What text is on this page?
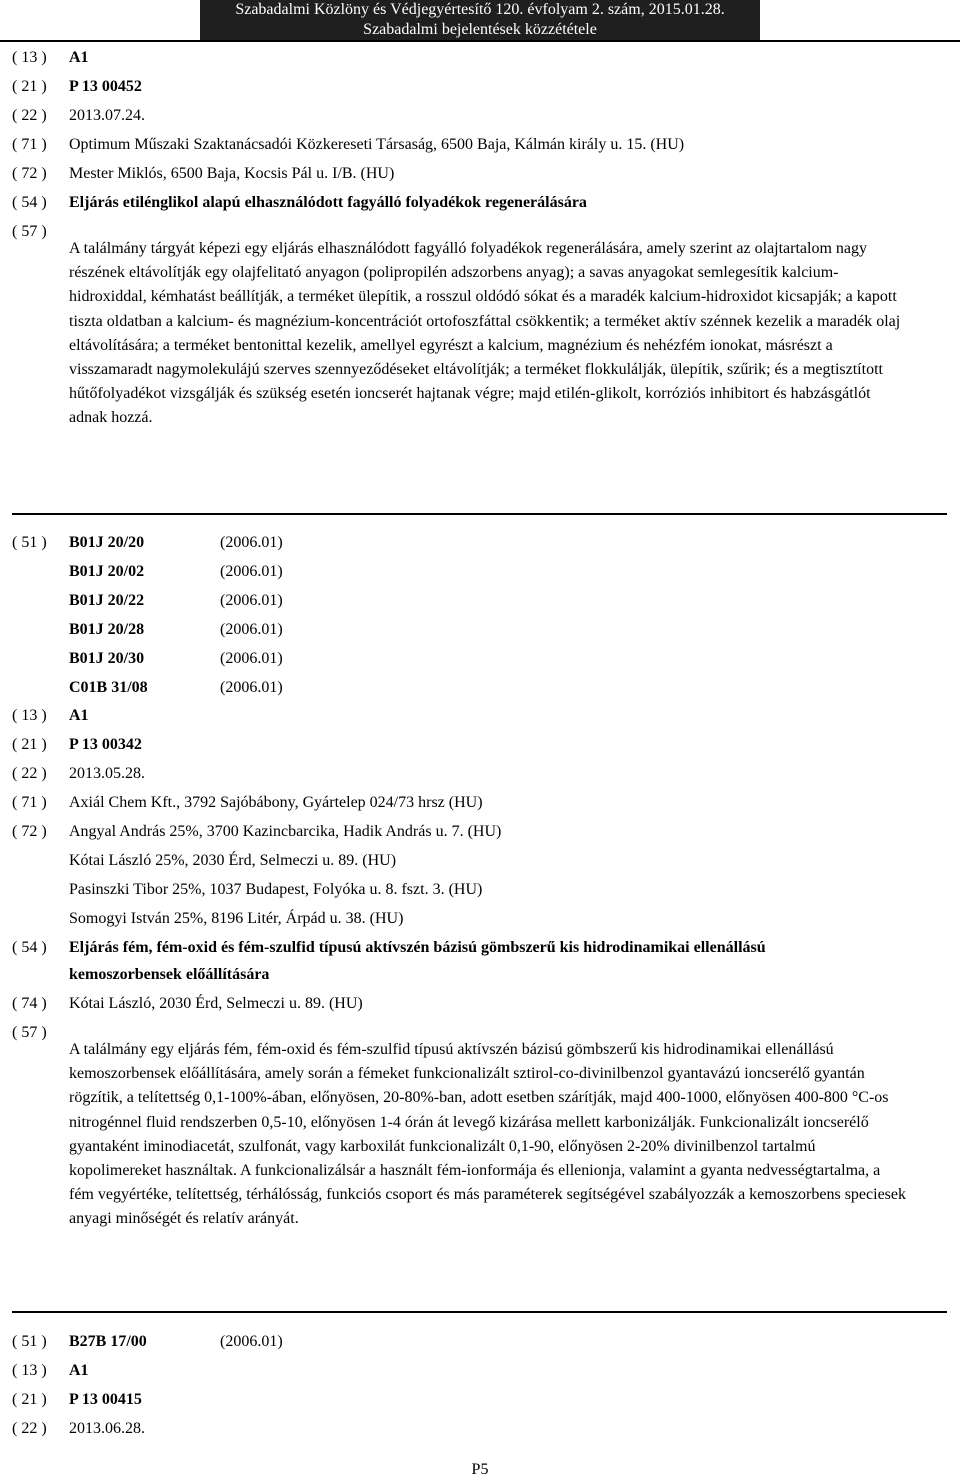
Szabadalmi Közlöny és Védjegyértesítő 120. évfolyam 2. szám, 2015.01.28.
Szabadalmi bejelentések közzététele
( 13 ) A1
( 21 ) P 13 00452
( 22 ) 2013.07.24.
( 71 ) Optimum Műszaki Szaktanácsadói Közkereseti Társaság, 6500 Baja, Kálmán király u. 15. (HU)
( 72 ) Mester Miklós, 6500 Baja, Kocsis Pál u. I/B. (HU)
( 54 ) Eljárás etilénglikol alapú elhasználódott fagyálló folyadékok regenerálására
( 57 )
A találmány tárgyát képezi egy eljárás elhasználódott fagyálló folyadékok regenerálására, amely szerint az olajtartalom nagy részének eltávolítják egy olajfelitató anyagon (polipropilén adszorbens anyag); a savas anyagokat semlegesítik kalcium-hidroxiddal, kémhatást beállítják, a terméket ülepítik, a rosszul oldódó sókat és a maradék kalcium-hidroxidot kicsapják; a kapott tiszta oldatban a kalcium- és magnézium-koncentrációt ortofoszfáttal csökkentik; a terméket aktív szénnek kezelik a maradék olaj eltávolítására; a terméket bentonittal kezelik, amellyel egyrészt a kalcium, magnézium és nehézfém ionokat, másrészt a visszamaradt nagymolekulájú szerves szennyeződéseket eltávolítják; a terméket flokkulálják, ülepítik, szűrik; és a megtisztított hűtőfolyadékot vizsgálják és szükség esetén ioncserét hajtanak végre; majd etilén-glikolt, korróziós inhibitort és habzásgátlót adnak hozzá.
( 51 )	B01J 20/20	(2006.01)
B01J 20/02	(2006.01)
B01J 20/22	(2006.01)
B01J 20/28	(2006.01)
B01J 20/30	(2006.01)
C01B 31/08	(2006.01)
( 13 ) A1
( 21 ) P 13 00342
( 22 ) 2013.05.28.
( 71 ) Axiál Chem Kft., 3792 Sajóbábony, Gyártelep 024/73 hrsz (HU)
( 72 ) Angyal András 25%, 3700 Kazincbarcika, Hadik András u. 7. (HU)
Kótai László 25%, 2030 Érd, Selmeczi u. 89. (HU)
Pasinszki Tibor 25%, 1037 Budapest, Folyóka u. 8. fszt. 3. (HU)
Somogyi István 25%, 8196 Litér, Árpád u. 38. (HU)
( 54 ) Eljárás fém, fém-oxid és fém-szulfid típusú aktívszén bázisú gömbszerű kis hidrodinamikai ellenállású
kemoszorbensek előállítására
( 74 ) Kótai László, 2030 Érd, Selmeczi u. 89. (HU)
( 57 )
A találmány egy eljárás fém, fém-oxid és fém-szulfid típusú aktívszén bázisú gömbszerű kis hidrodinamikai ellenállású kemoszorbensek előállítására, amely során a fémeket funkcionalizált sztirol-co-divinilbenzol gyantavázú ioncserélő gyantán rögzítik, a telítettség 0,1-100%-ában, előnyösen, 20-80%-ban, adott esetben szárítják, majd 400-1000, előnyösen 400-800 °C-os nitrogénnel fluid rendszerben 0,5-10, előnyösen 1-4 órán át levegő kizárása mellett karbonizálják. Funkcionalizált ioncserélő gyantaként iminodiacetát, szulfonát, vagy karboxilát funkcionalizált 0,1-90, előnyösen 2-20% divinilbenzol tartalmú kopolimereket használtak. A funkcionalizálsár a használt fém-ionformája és ellenionja, valamint a gyanta nedvességtartalma, a fém vegyértéke, telítettség, térhálósság, funkciós csoport és más paraméterek segítségével szabályozzák a kemoszorbens speciesek anyagi minőségét és relatív arányát.
( 51 )	B27B 17/00	(2006.01)
( 13 ) A1
( 21 ) P 13 00415
( 22 ) 2013.06.28.
P5
